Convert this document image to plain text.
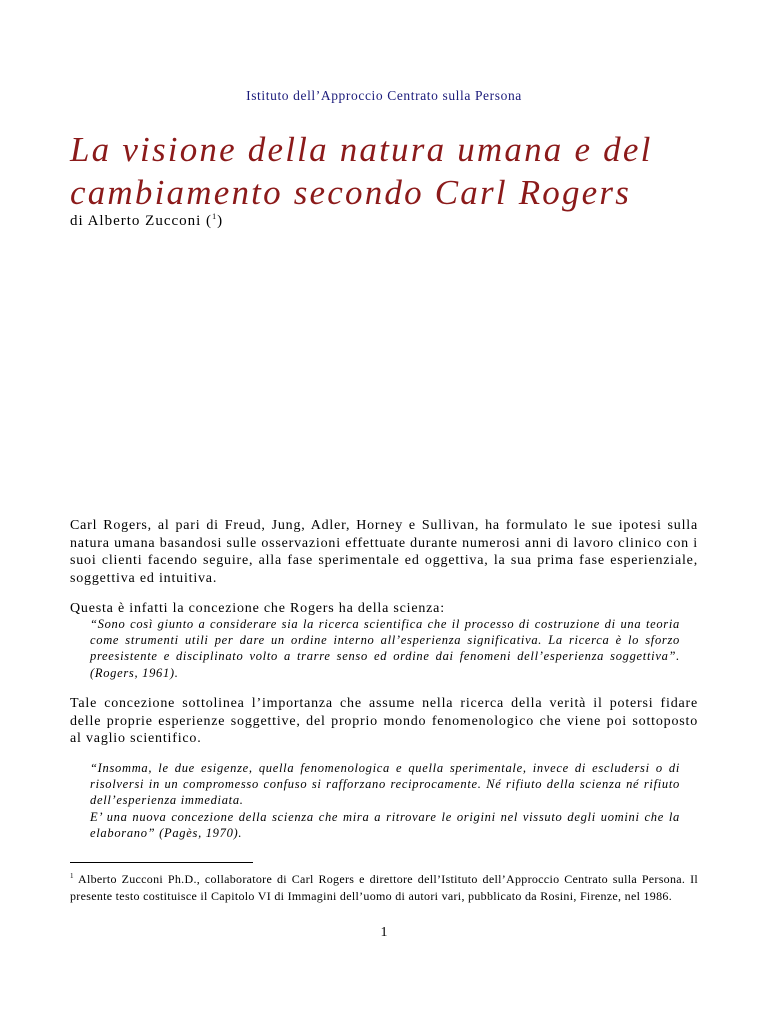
Istituto dell’Approccio Centrato sulla Persona
La visione della natura umana e del
cambiamento secondo Carl Rogers
di Alberto Zucconi ($^1$)

Carl Rogers, al pari di Freud, Jung, Adler, Horney e Sullivan, ha formulato le sue ipotesi sulla natura umana basandosi sulle osservazioni effettuate durante numerosi anni di lavoro clinico con i suoi clienti facendo seguire, alla fase sperimentale ed oggettiva, la sua prima fase esperienziale, soggettiva ed intuitiva.

Questa è infatti la concezione che Rogers ha della scienza:

“Sono così giunto a considerare sia la ricerca scientifica che il processo di costruzione di una teoria come strumenti utili per dare un ordine interno all’esperienza significativa. La ricerca è lo sforzo preesistente e disciplinato volto a trarre senso ed ordine dai fenomeni dell’esperienza soggettiva”. (Rogers, 1961).

Tale concezione sottolinea l’importanza che assume nella ricerca della verità il potersi fidare delle proprie esperienze soggettive, del proprio mondo fenomenologico che viene poi sottoposto al vaglio scientifico.

“Insomma, le due esigenze, quella fenomenologica e quella sperimentale, invece di escludersi o di risolversi in un compromesso confuso si rafforzano reciprocamente. Né rifiuto della scienza né rifiuto dell’esperienza immediata.
E’ una nuova concezione della scienza che mira a ritrovare le origini nel vissuto degli uomini che la elaborano” (Pagès, 1970).

$^1$ Alberto Zucconi Ph.D., collaboratore di Carl Rogers e direttore dell’Istituto dell’Approccio Centrato sulla Persona. Il presente testo costituisce il Capitolo VI di Immagini dell’uomo di autori vari, pubblicato da Rosini, Firenze, nel 1986.

1
